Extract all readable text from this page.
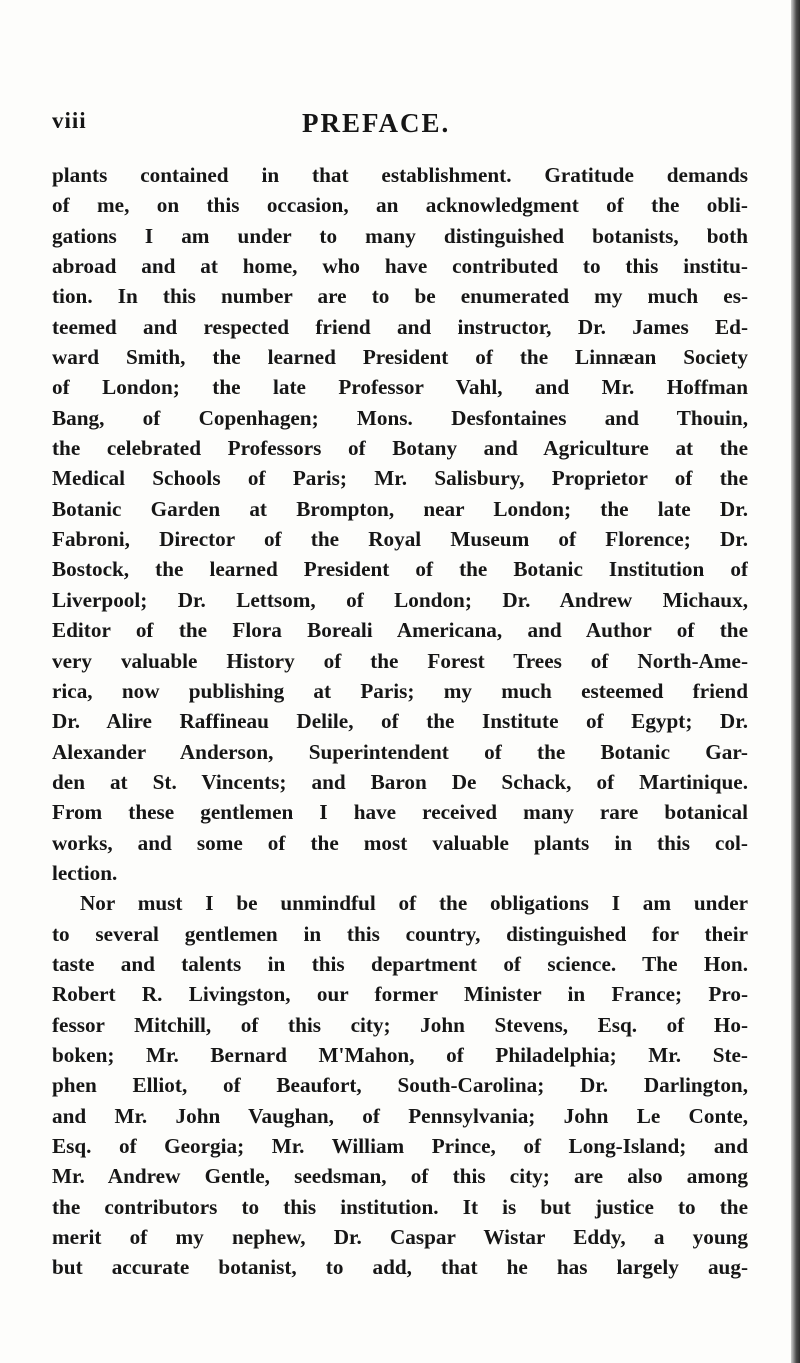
viii	PREFACE.
plants contained in that establishment. Gratitude demands
of me, on this occasion, an acknowledgment of the obli-
gations I am under to many distinguished botanists, both
abroad and at home, who have contributed to this institu-
tion. In this number are to be enumerated my much es-
teemed and respected friend and instructor, Dr. James Ed-
ward Smith, the learned President of the Linnæan Society
of London; the late Professor Vahl, and Mr. Hoffman
Bang, of Copenhagen; Mons. Desfontaines and Thouin,
the celebrated Professors of Botany and Agriculture at the
Medical Schools of Paris; Mr. Salisbury, Proprietor of the
Botanic Garden at Brompton, near London; the late Dr.
Fabroni, Director of the Royal Museum of Florence; Dr.
Bostock, the learned President of the Botanic Institution of
Liverpool; Dr. Lettsom, of London; Dr. Andrew Michaux,
Editor of the Flora Boreali Americana, and Author of the
very valuable History of the Forest Trees of North-Ame-
rica, now publishing at Paris; my much esteemed friend
Dr. Alire Raffineau Delile, of the Institute of Egypt; Dr.
Alexander Anderson, Superintendent of the Botanic Gar-
den at St. Vincents; and Baron De Schack, of Martinique.
From these gentlemen I have received many rare botanical
works, and some of the most valuable plants in this col-
lection.
Nor must I be unmindful of the obligations I am under
to several gentlemen in this country, distinguished for their
taste and talents in this department of science. The Hon.
Robert R. Livingston, our former Minister in France; Pro-
fessor Mitchill, of this city; John Stevens, Esq. of Ho-
boken; Mr. Bernard M'Mahon, of Philadelphia; Mr. Ste-
phen Elliot, of Beaufort, South-Carolina; Dr. Darlington,
and Mr. John Vaughan, of Pennsylvania; John Le Conte,
Esq. of Georgia; Mr. William Prince, of Long-Island; and
Mr. Andrew Gentle, seedsman, of this city; are also among
the contributors to this institution. It is but justice to the
merit of my nephew, Dr. Caspar Wistar Eddy, a young
but accurate botanist, to add, that he has largely aug-
